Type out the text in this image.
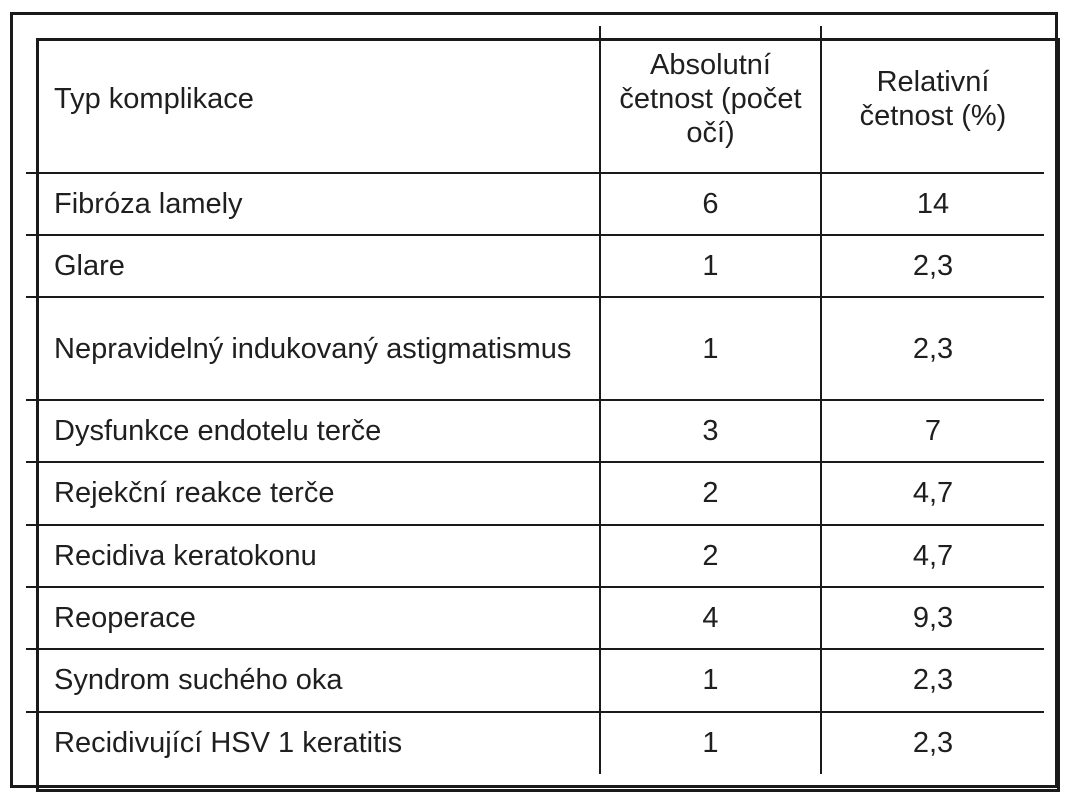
Typ komplikace	Absolutní četnost (počet očí)	Relativní četnost (%)
Fibróza lamely	6	14
Glare	1	2,3
Nepravidelný indukovaný astigmatismus	1	2,3
Dysfunkce endotelu terče	3	7
Rejekční reakce terče	2	4,7
Recidiva keratokonu	2	4,7
Reoperace	4	9,3
Syndrom suchého oka	1	2,3
Recidivující HSV 1 keratitis	1	2,3
